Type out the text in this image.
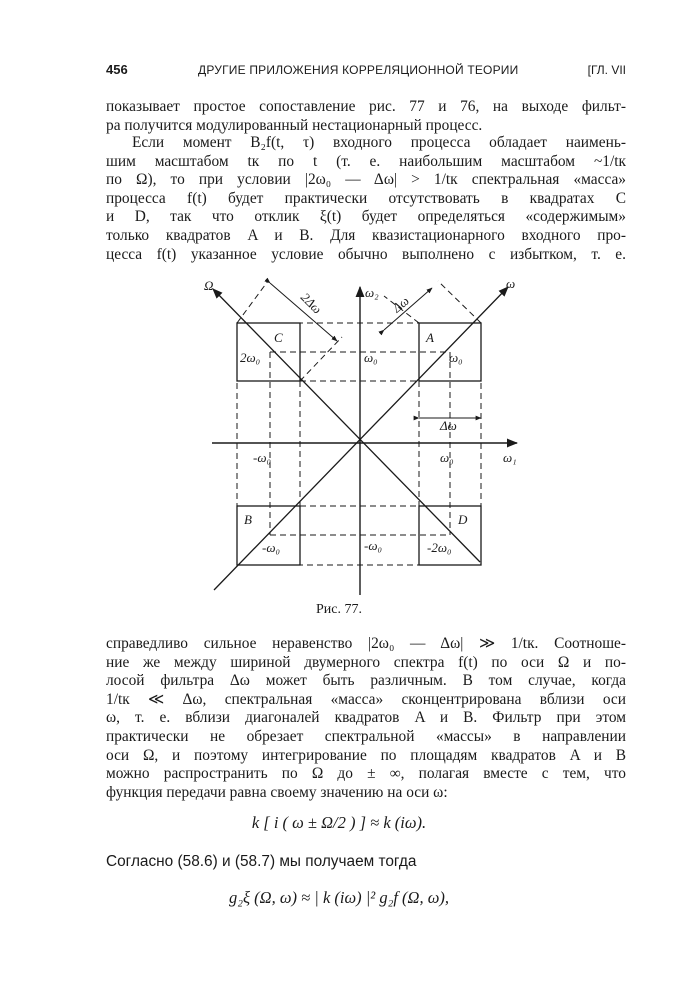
456	ДРУГИЕ ПРИЛОЖЕНИЯ КОРРЕЛЯЦИОННОЙ ТЕОРИИ	[ГЛ. VII
показывает простое сопоставление рис. 77 и 76, на выходе фильт-
ра получится модулированный нестационарный процесс.
Если момент B₂f(t, τ) входного процесса обладает наимень-
шим масштабом tк по t (т. е. наибольшим масштабом ~1/tк
по Ω), то при условии |2ω₀ — Δω| > 1/tк спектральная «масса»
процесса f(t) будет практически отсутствовать в квадратах C
и D, так что отклик ξ(t) будет определяться «содержимым»
только квадратов A и B. Для квазистационарного входного про-
цесса f(t) указанное условие обычно выполнено с избытком, т. е.
Ω	ω
ω₂
ω₁
2Δω	Δω
Δω
C	A
B	D
2ω₀	ω₀	ω₀
ω₀
-ω₀
-ω₀	-ω₀	-2ω₀
Рис. 77.
справедливо сильное неравенство |2ω₀ — Δω| ≫ 1/tк. Соотноше-
ние же между шириной двумерного спектра f(t) по оси Ω и по-
лосой фильтра Δω может быть различным. В том случае, когда
1/tк ≪ Δω, спектральная «масса» сконцентрирована вблизи оси
ω, т. е. вблизи диагоналей квадратов A и B. Фильтр при этом
практически не обрезает спектральной «массы» в направлении
оси Ω, и поэтому интегрирование по площадям квадратов A и B
можно распространить по Ω до ± ∞, полагая вместе с тем, что
функция передачи равна своему значению на оси ω:
k [ i ( ω ± Ω/2 ) ] ≈ k (iω).
Согласно (58.6) и (58.7) мы получаем тогда
g₂ξ (Ω, ω) ≈ | k (iω) |² g₂f (Ω, ω),
